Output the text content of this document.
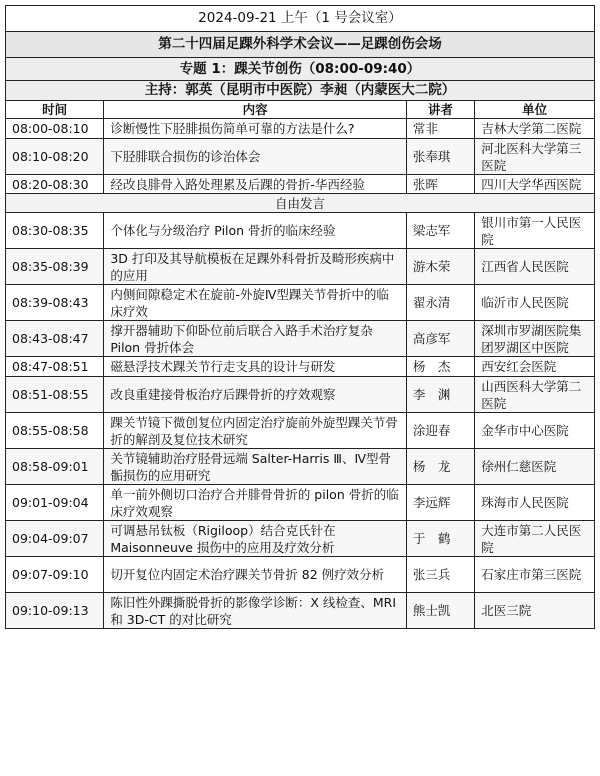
2024-09-21 上午（1 号会议室）			
第二十四届足踝外科学术会议——足踝创伤会场			
专题 1：踝关节创伤（08:00-09:40）			
主持：郭英（昆明市中医院）李昶（内蒙医大二院）			
时间	内容	讲者	单位
08:00-08:10	诊断慢性下胫腓损伤简单可靠的方法是什么?	常非	吉林大学第二医院
08:10-08:20	下胫腓联合损伤的诊治体会	张奉琪	河北医科大学第三医院
08:20-08:30	经改良腓骨入路处理累及后踝的骨折-华西经验	张晖	四川大学华西医院
自由发言			
08:30-08:35	个体化与分级治疗 Pilon 骨折的临床经验	梁志军	银川市第一人民医院
08:35-08:39	3D 打印及其导航模板在足踝外科骨折及畸形疾病中的应用	游木荣	江西省人民医院
08:39-08:43	内侧间隙稳定术在旋前-外旋Ⅳ型踝关节骨折中的临床疗效	翟永清	临沂市人民医院
08:43-08:47	撑开器辅助下仰卧位前后联合入路手术治疗复杂 Pilon 骨折体会	高彦军	深圳市罗湖医院集团罗湖区中医院
08:47-08:51	磁悬浮技术踝关节行走支具的设计与研发	杨　杰	西安红会医院
08:51-08:55	改良重建接骨板治疗后踝骨折的疗效观察	李　渊	山西医科大学第二医院
08:55-08:58	踝关节镜下微创复位内固定治疗旋前外旋型踝关节骨折的解剖及复位技术研究	涂迎春	金华市中心医院
08:58-09:01	关节镜辅助治疗胫骨远端 Salter-Harris Ⅲ、Ⅳ型骨骺损伤的应用研究	杨　龙	徐州仁慈医院
09:01-09:04	单一前外侧切口治疗合并腓骨骨折的 pilon 骨折的临床疗效观察	李远辉	珠海市人民医院
09:04-09:07	可调悬吊钛板（Rigiloop）结合克氏针在 Maisonneuve 损伤中的应用及疗效分析	于　鹤	大连市第二人民医院
09:07-09:10	切开复位内固定术治疗踝关节骨折 82 例疗效分析	张三兵	石家庄市第三医院
09:10-09:13	陈旧性外踝撕脱骨折的影像学诊断：X 线检查、MRI 和 3D-CT 的对比研究	熊士凯	北医三院
